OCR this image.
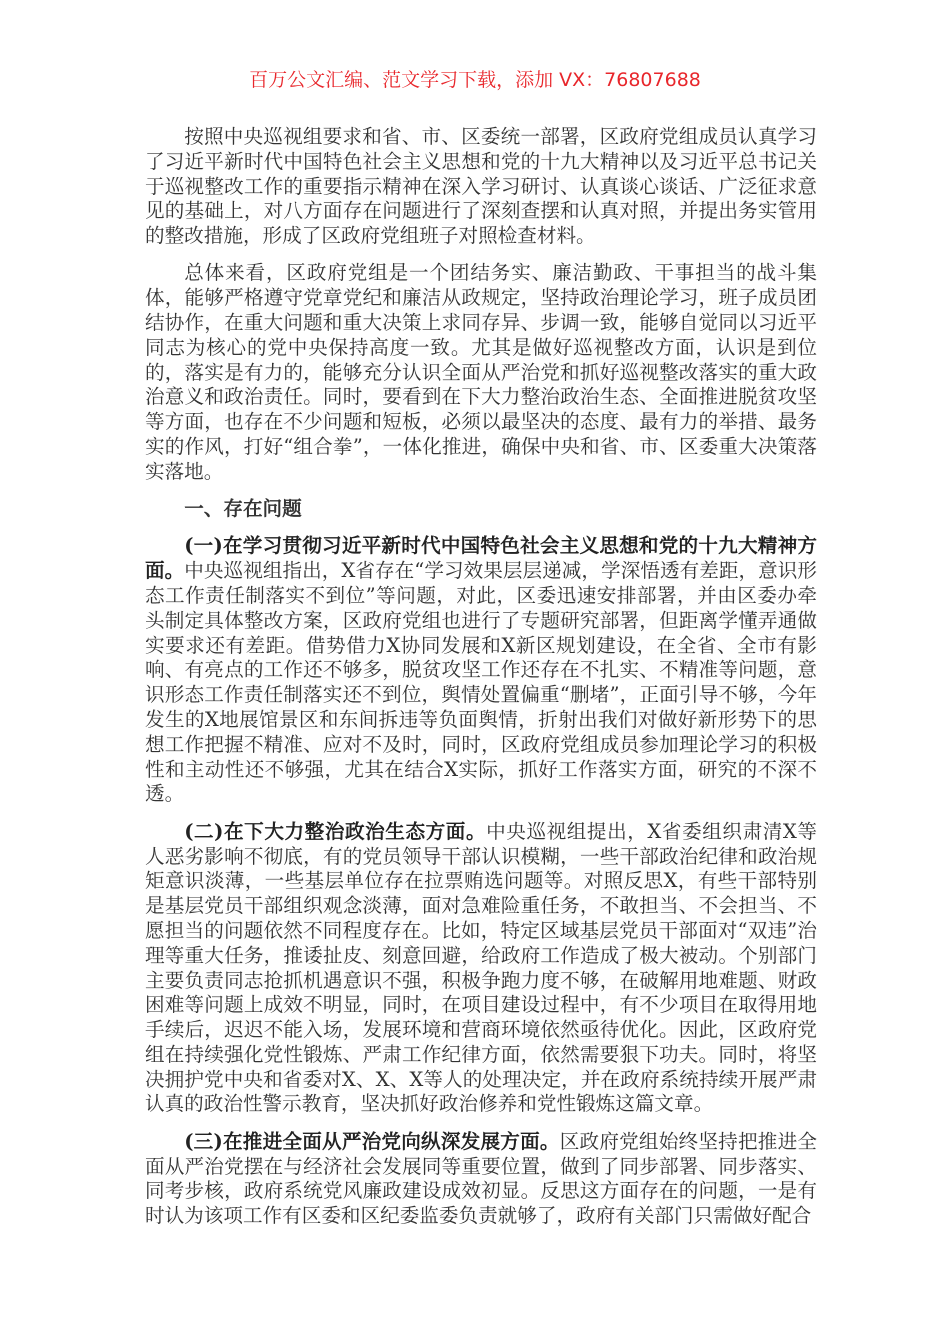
百万公文汇编、范文学习下载，添加 VX：76807688

按照中央巡视组要求和省、市、区委统一部署，区政府党组成员认真学习了习近平新时代中国特色社会主义思想和党的十九大精神以及习近平总书记关于巡视整改工作的重要指示精神在深入学习研讨、认真谈心谈话、广泛征求意见的基础上，对八方面存在问题进行了深刻查摆和认真对照，并提出务实管用的整改措施，形成了区政府党组班子对照检查材料。

总体来看，区政府党组是一个团结务实、廉洁勤政、干事担当的战斗集体，能够严格遵守党章党纪和廉洁从政规定，坚持政治理论学习，班子成员团结协作，在重大问题和重大决策上求同存异、步调一致，能够自觉同以习近平同志为核心的党中央保持高度一致。尤其是做好巡视整改方面，认识是到位的，落实是有力的，能够充分认识全面从严治党和抓好巡视整改落实的重大政治意义和政治责任。同时，要看到在下大力整治政治生态、全面推进脱贫攻坚等方面，也存在不少问题和短板，必须以最坚决的态度、最有力的举措、最务实的作风，打好“组合拳”，一体化推进，确保中央和省、市、区委重大决策落实落地。

一、存在问题

(一)在学习贯彻习近平新时代中国特色社会主义思想和党的十九大精神方面。中央巡视组指出，X省存在“学习效果层层递减，学深悟透有差距，意识形态工作责任制落实不到位”等问题，对此，区委迅速安排部署，并由区委办牵头制定具体整改方案，区政府党组也进行了专题研究部署，但距离学懂弄通做实要求还有差距。借势借力X协同发展和X新区规划建设，在全省、全市有影响、有亮点的工作还不够多，脱贫攻坚工作还存在不扎实、不精准等问题，意识形态工作责任制落实还不到位，舆情处置偏重“删堵”，正面引导不够，今年发生的X地展馆景区和东间拆违等负面舆情，折射出我们对做好新形势下的思想工作把握不精准、应对不及时，同时，区政府党组成员参加理论学习的积极性和主动性还不够强，尤其在结合X实际，抓好工作落实方面，研究的不深不透。

(二)在下大力整治政治生态方面。中央巡视组提出，X省委组织肃清X等人恶劣影响不彻底，有的党员领导干部认识模糊，一些干部政治纪律和政治规矩意识淡薄，一些基层单位存在拉票贿选问题等。对照反思X，有些干部特别是基层党员干部组织观念淡薄，面对急难险重任务，不敢担当、不会担当、不愿担当的问题依然不同程度存在。比如，特定区域基层党员干部面对“双违”治理等重大任务，推诿扯皮、刻意回避，给政府工作造成了极大被动。个别部门主要负责同志抢抓机遇意识不强，积极争跑力度不够，在破解用地难题、财政困难等问题上成效不明显，同时，在项目建设过程中，有不少项目在取得用地手续后，迟迟不能入场，发展环境和营商环境依然亟待优化。因此，区政府党组在持续强化党性锻炼、严肃工作纪律方面，依然需要狠下功夫。同时，将坚决拥护党中央和省委对X、X、X等人的处理决定，并在政府系统持续开展严肃认真的政治性警示教育，坚决抓好政治修养和党性锻炼这篇文章。

(三)在推进全面从严治党向纵深发展方面。区政府党组始终坚持把推进全面从严治党摆在与经济社会发展同等重要位置，做到了同步部署、同步落实、同考步核，政府系统党风廉政建设成效初显。反思这方面存在的问题，一是有时认为该项工作有区委和区纪委监委负责就够了，政府有关部门只需做好配合
